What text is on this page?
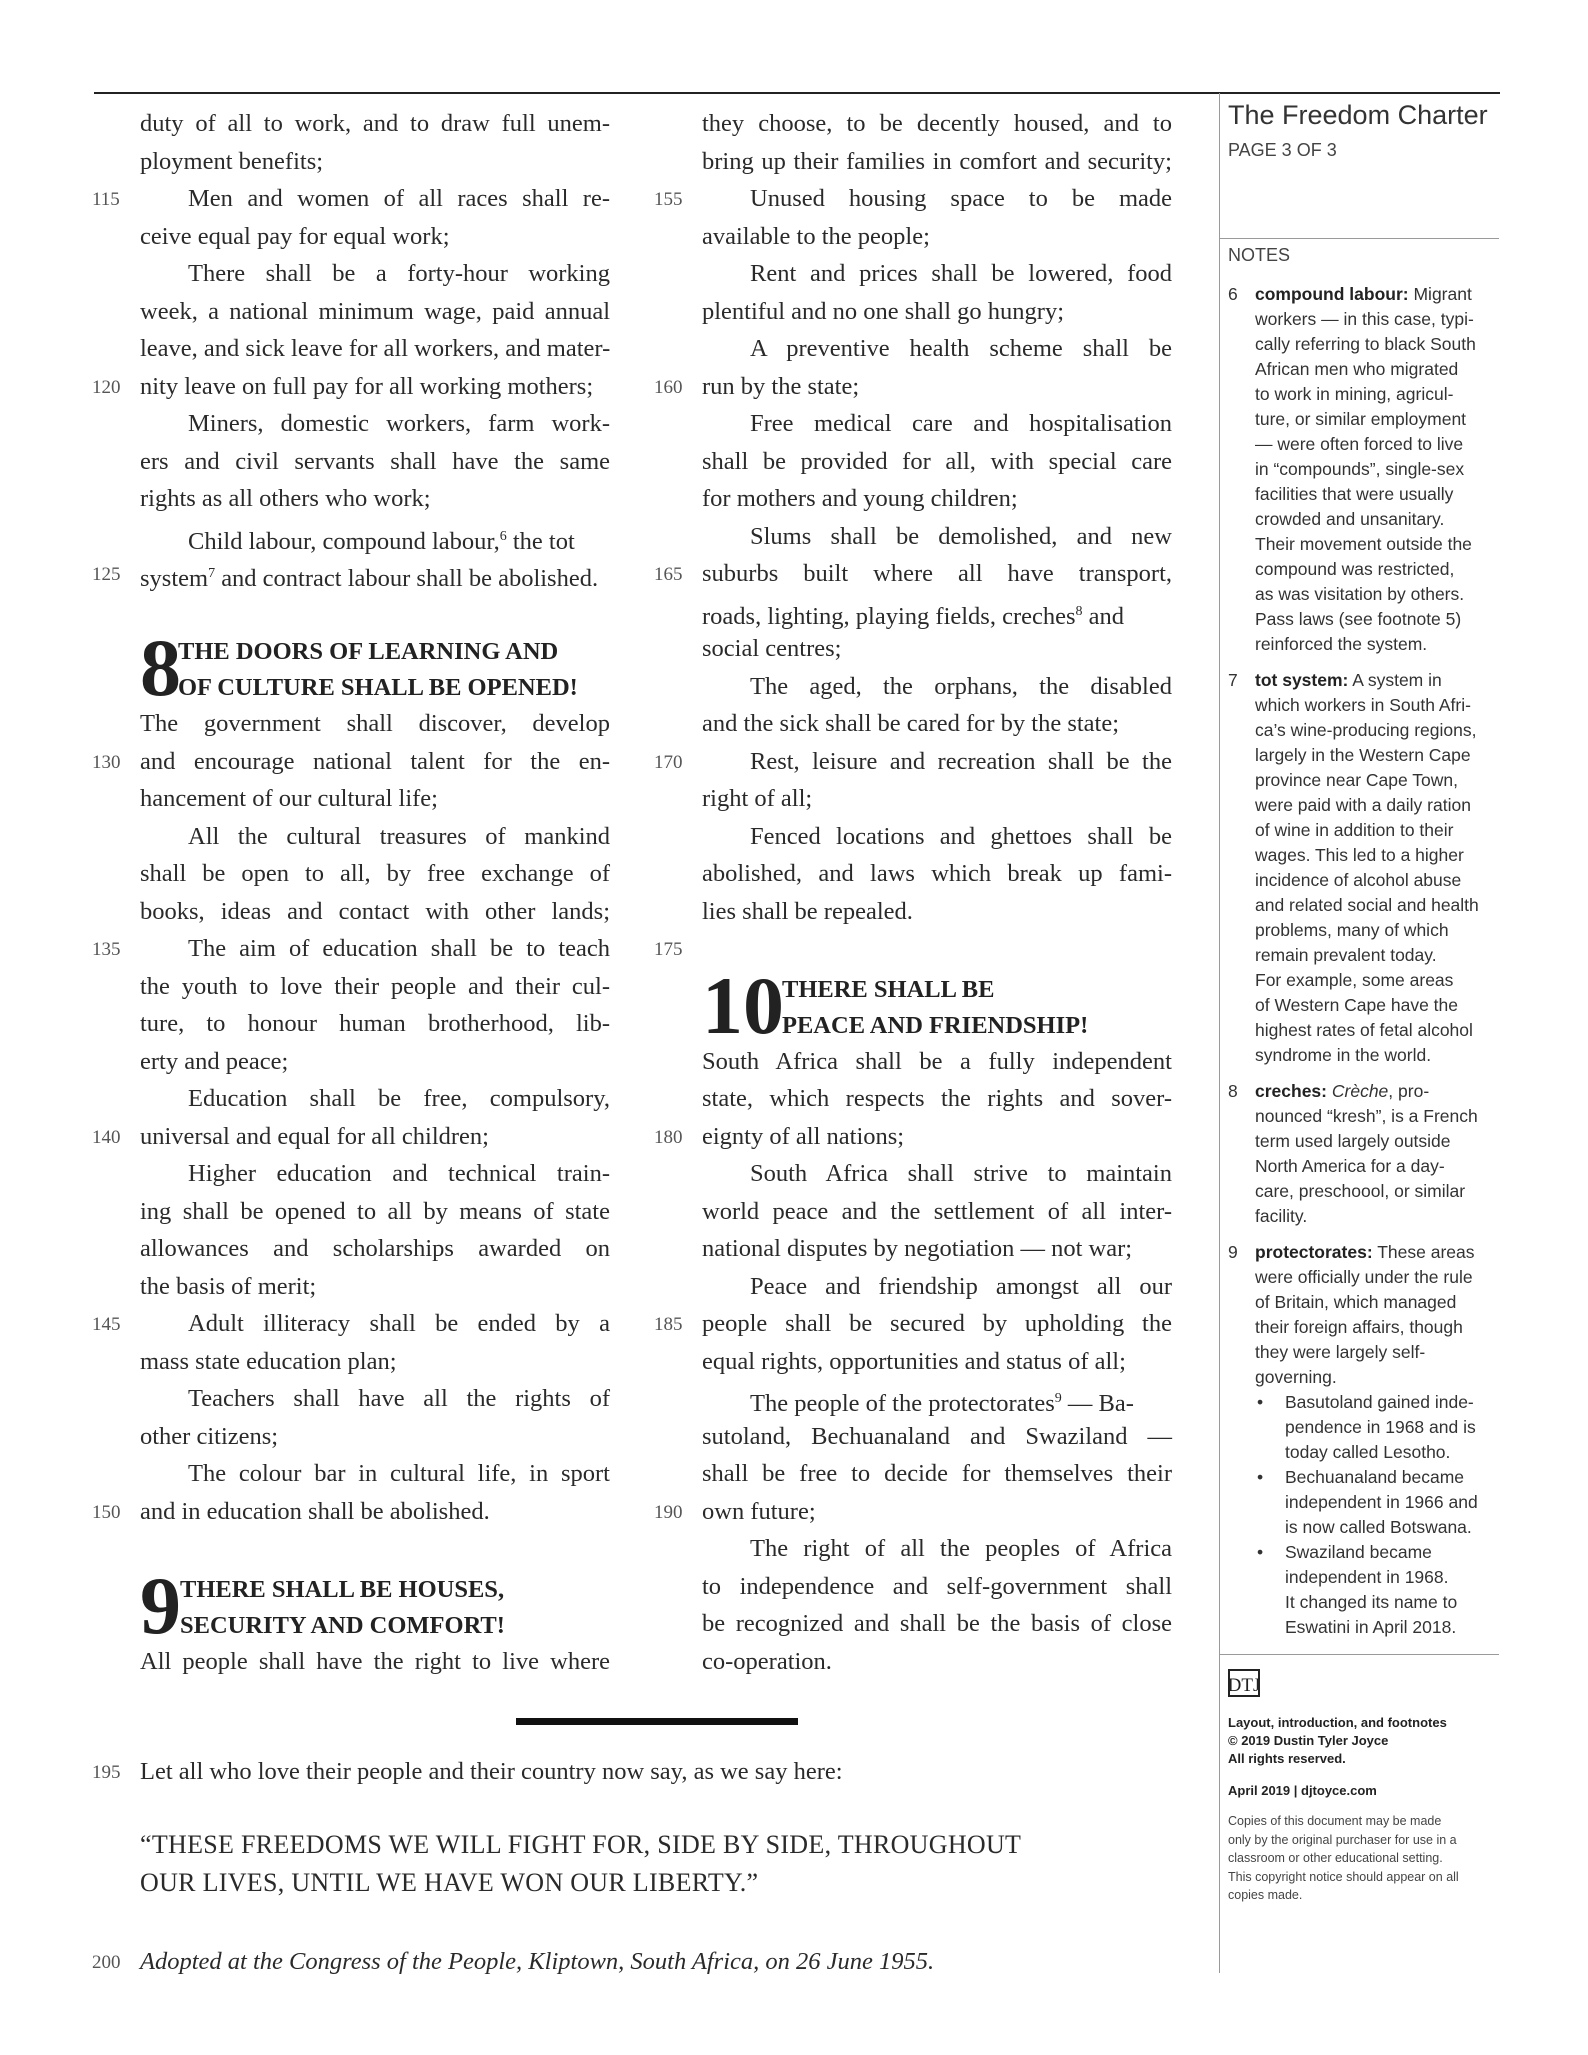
duty of all to work, and to draw full unem-
ployment benefits;
115	Men and women of all races shall re-
ceive equal pay for equal work;
There shall be a forty-hour working
week, a national minimum wage, paid annual
leave, and sick leave for all workers, and mater-
120 nity leave on full pay for all working mothers;
Miners, domestic workers, farm work-
ers and civil servants shall have the same
rights as all others who work;
Child labour, compound labour,$^6$ the tot
125 system$^7$ and contract labour shall be abolished.
8
THE DOORS OF LEARNING AND
OF CULTURE SHALL BE OPENED!
The government shall discover, develop
130 and encourage national talent for the en-
hancement of our cultural life;
All the cultural treasures of mankind
shall be open to all, by free exchange of
books, ideas and contact with other lands;
135	The aim of education shall be to teach
the youth to love their people and their cul-
ture, to honour human brotherhood, lib-
erty and peace;
Education shall be free, compulsory,
140 universal and equal for all children;
Higher education and technical train-
ing shall be opened to all by means of state
allowances and scholarships awarded on
the basis of merit;
145	Adult illiteracy shall be ended by a
mass state education plan;
Teachers shall have all the rights of
other citizens;
The colour bar in cultural life, in sport
150 and in education shall be abolished.
9 THERE SHALL BE HOUSES,
SECURITY AND COMFORT!
All people shall have the right to live where
they choose, to be decently housed, and to
bring up their families in comfort and security;
155	Unused housing space to be made
available to the people;
Rent and prices shall be lowered, food
plentiful and no one shall go hungry;
A preventive health scheme shall be
160 run by the state;
Free medical care and hospitalisation
shall be provided for all, with special care
for mothers and young children;
Slums shall be demolished, and new
165 suburbs built where all have transport,
roads, lighting, playing fields, creches$^8$ and
social centres;
The aged, the orphans, the disabled
and the sick shall be cared for by the state;
170	Rest, leisure and recreation shall be the
right of all;
Fenced locations and ghettoes shall be
abolished, and laws which break up fami-
lies shall be repealed.
175
10
THERE SHALL BE
PEACE AND FRIENDSHIP!
South Africa shall be a fully independent
state, which respects the rights and sover-
180 eignty of all nations;
South Africa shall strive to maintain
world peace and the settlement of all inter-
national disputes by negotiation — not war;
Peace and friendship amongst all our
185 people shall be secured by upholding the
equal rights, opportunities and status of all;
The people of the protectorates$^9$ — Ba-
sutoland, Bechuanaland and Swaziland —
shall be free to decide for themselves their
190 own future;
The right of all the peoples of Africa
to independence and self-government shall
be recognized and shall be the basis of close
co-operation.
The Freedom Charter
PAGE 3 OF 3
NOTES
6 compound labour: Migrant
workers — in this case, typi-
cally referring to black South
African men who migrated
to work in mining, agricul-
ture, or similar employment
— were often forced to live
in “compounds”, single-sex
facilities that were usually
crowded and unsanitary.
Their movement outside the
compound was restricted,
as was visitation by others.
Pass laws (see footnote 5)
reinforced the system.
7 tot system: A system in
which workers in South Afri-
ca’s wine-producing regions,
largely in the Western Cape
province near Cape Town,
were paid with a daily ration
of wine in addition to their
wages. This led to a higher
incidence of alcohol abuse
and related social and health
problems, many of which
remain prevalent today.
For example, some areas
of Western Cape have the
highest rates of fetal alcohol
syndrome in the world.
8 creches: Crèche, pro-
nounced “kresh”, is a French
term used largely outside
North America for a day-
care, preschoool, or similar
facility.
9 protectorates: These areas
were officially under the rule
of Britain, which managed
their foreign affairs, though
they were largely self-
governing.
• Basutoland gained inde-
pendence in 1968 and is
today called Lesotho.
• Bechuanaland became
independent in 1966 and
is now called Botswana.
• Swaziland became
independent in 1968.
It changed its name to
Eswatini in April 2018.
DTJ
Layout, introduction, and footnotes
© 2019 Dustin Tyler Joyce
All rights reserved.
April 2019 | djtoyce.com
Copies of this document may be made
only by the original purchaser for use in a
classroom or other educational setting.
This copyright notice should appear on all
copies made.
195 Let all who love their people and their country now say, as we say here:
“THESE FREEDOMS WE WILL FIGHT FOR, SIDE BY SIDE, THROUGHOUT
OUR LIVES, UNTIL WE HAVE WON OUR LIBERTY.”
200 Adopted at the Congress of the People, Kliptown, South Africa, on 26 June 1955.
